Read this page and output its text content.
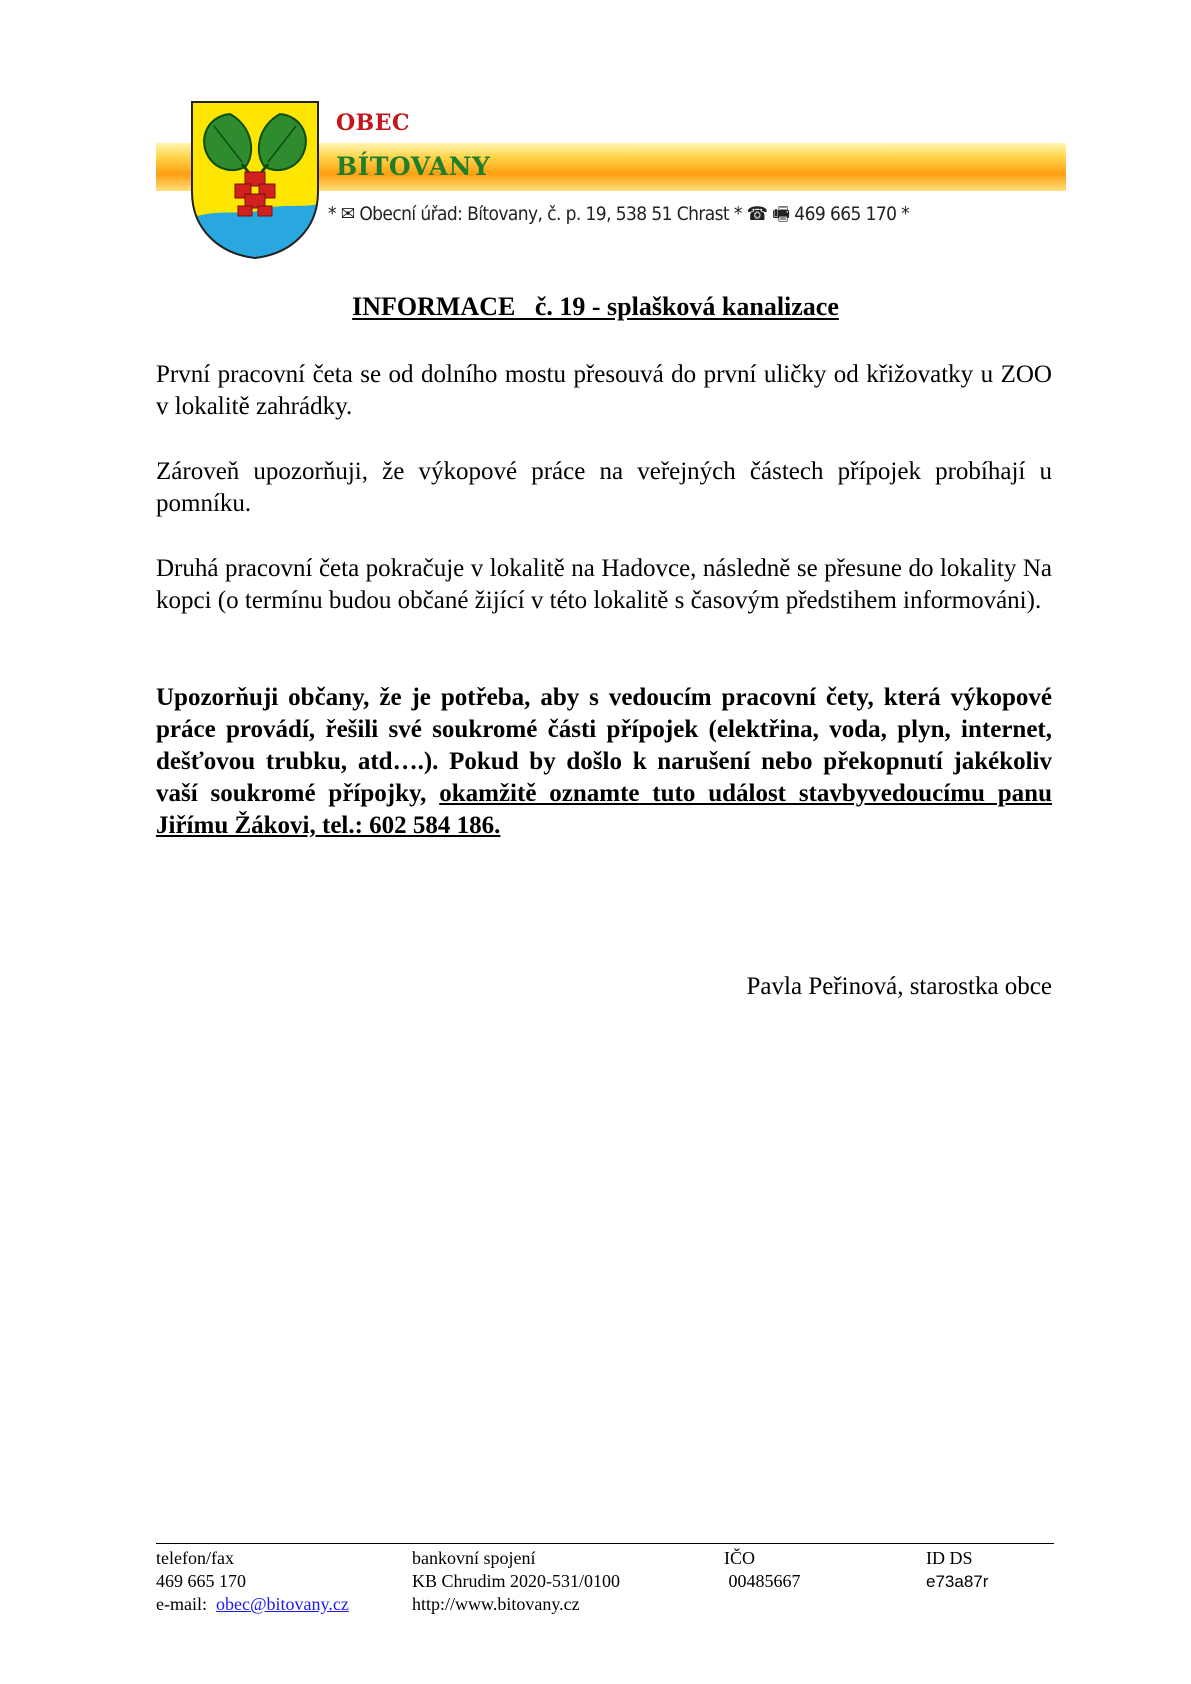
OBEC
BÍTOVANY
* ✉ Obecní úřad: Bítovany, č. p. 19, 538 51 Chrast * ☎ 🖷 469 665 170 *
INFORMACE   č. 19 - splašková kanalizace
První pracovní četa se od dolního mostu přesouvá do první uličky od křižovatky u ZOO v lokalitě zahrádky.
Zároveň upozorňuji, že výkopové práce na veřejných částech přípojek probíhají u pomníku.
Druhá pracovní četa pokračuje v lokalitě na Hadovce, následně se přesune do lokality Na kopci (o termínu budou občané žijící v této lokalitě s časovým předstihem informováni).
Upozorňuji občany, že je potřeba, aby s vedoucím pracovní čety, která výkopové práce provádí, řešili své soukromé části přípojek (elektřina, voda, plyn, internet, dešťovou trubku, atd….). Pokud by došlo k narušení nebo překopnutí jakékoliv vaší soukromé přípojky, okamžitě oznamte tuto událost stavbyvedoucímu panu Jiřímu Žákovi, tel.: 602 584 186.
Pavla Peřinová, starostka obce
telefon/fax
469 665 170
e-mail: obec@bitovany.cz
bankovní spojení
KB Chrudim 2020-531/0100
http://www.bitovany.cz
IČO
00485667
ID DS
e73a87r
